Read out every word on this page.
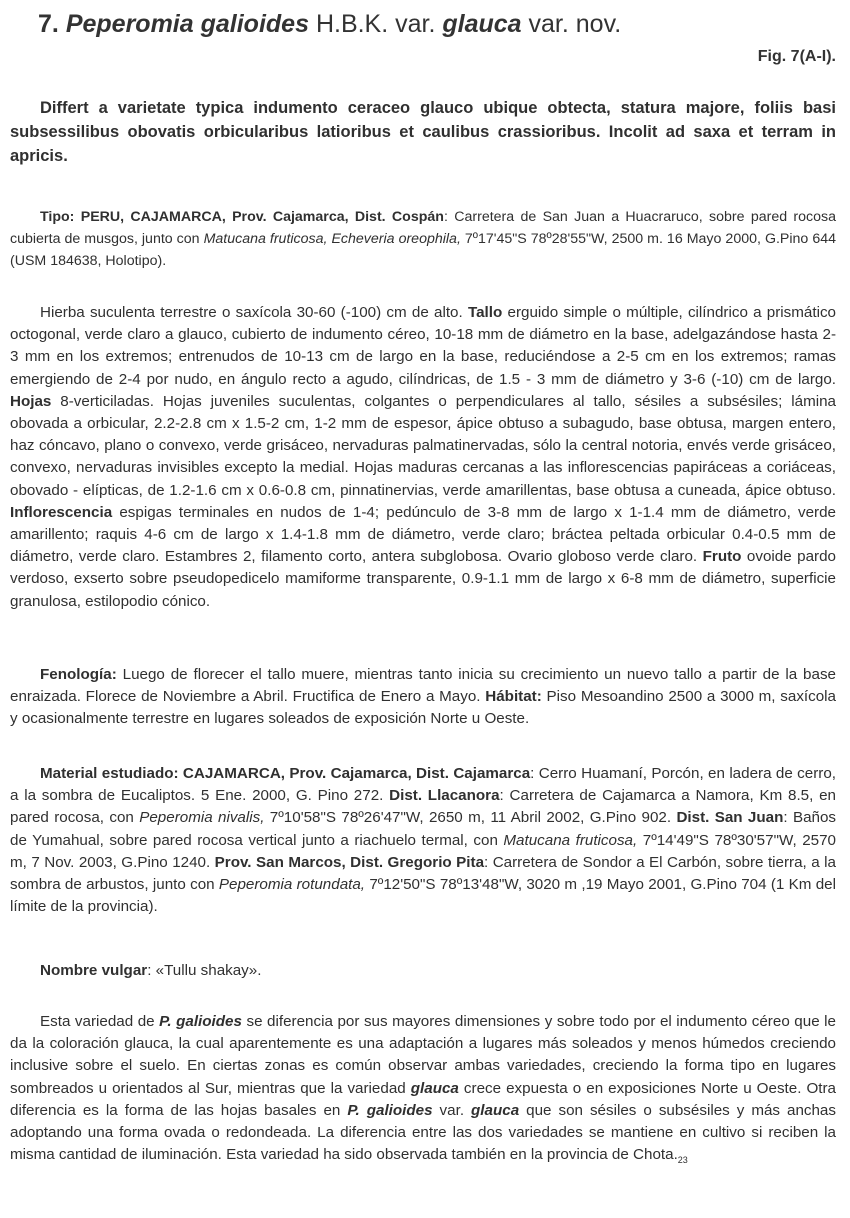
7. Peperomia galioides H.B.K. var. glauca var. nov.
Fig. 7(A-I).
Differt a varietate typica indumento ceraceo glauco ubique obtecta, statura majore, foliis basi subsessilibus obovatis orbicularibus latioribus et caulibus crassioribus. Incolit ad saxa et terram in apricis.
Tipo: PERU, CAJAMARCA, Prov. Cajamarca, Dist. Cospán: Carretera de San Juan a Huacraruco, sobre pared rocosa cubierta de musgos, junto con Matucana fruticosa, Echeveria oreophila, 7º17'45"S 78º28'55"W, 2500 m. 16 Mayo 2000, G.Pino 644 (USM 184638, Holotipo).
Hierba suculenta terrestre o saxícola 30-60 (-100) cm de alto. Tallo erguido simple o múltiple, cilíndrico a prismático octogonal, verde claro a glauco, cubierto de indumento céreo, 10-18 mm de diámetro en la base, adelgazándose hasta 2-3 mm en los extremos; entrenudos de 10-13 cm de largo en la base, reduciéndose a 2-5 cm en los extremos; ramas emergiendo de 2-4 por nudo, en ángulo recto a agudo, cilíndricas, de 1.5 - 3 mm de diámetro y 3-6 (-10) cm de largo. Hojas 8-verticiladas. Hojas juveniles suculentas, colgantes o perpendiculares al tallo, sésiles a subsésiles; lámina obovada a orbicular, 2.2-2.8 cm x 1.5-2 cm, 1-2 mm de espesor, ápice obtuso a subagudo, base obtusa, margen entero, haz cóncavo, plano o convexo, verde grisáceo, nervaduras palmatinervadas, sólo la central notoria, envés verde grisáceo, convexo, nervaduras invisibles excepto la medial. Hojas maduras cercanas a las inflorescencias papiráceas a coriáceas, obovado - elípticas, de 1.2-1.6 cm x 0.6-0.8 cm, pinnatinervias, verde amarillentas, base obtusa a cuneada, ápice obtuso. Inflorescencia espigas terminales en nudos de 1-4; pedúnculo de 3-8 mm de largo x 1-1.4 mm de diámetro, verde amarillento; raquis 4-6 cm de largo x 1.4-1.8 mm de diámetro, verde claro; bráctea peltada orbicular 0.4-0.5 mm de diámetro, verde claro. Estambres 2, filamento corto, antera subglobosa. Ovario globoso verde claro. Fruto ovoide pardo verdoso, exserto sobre pseudopedicelo mamiforme transparente, 0.9-1.1 mm de largo x 6-8 mm de diámetro, superficie granulosa, estilopodio cónico.
Fenología: Luego de florecer el tallo muere, mientras tanto inicia su crecimiento un nuevo tallo a partir de la base enraizada. Florece de Noviembre a Abril. Fructifica de Enero a Mayo. Hábitat: Piso Mesoandino 2500 a 3000 m, saxícola y ocasionalmente terrestre en lugares soleados de exposición Norte u Oeste.
Material estudiado: CAJAMARCA, Prov. Cajamarca, Dist. Cajamarca: Cerro Huamaní, Porcón, en ladera de cerro, a la sombra de Eucaliptos. 5 Ene. 2000, G. Pino 272. Dist. Llacanora: Carretera de Cajamarca a Namora, Km 8.5, en pared rocosa, con Peperomia nivalis, 7º10'58"S 78º26'47"W, 2650 m, 11 Abril 2002, G.Pino 902. Dist. San Juan: Baños de Yumahual, sobre pared rocosa vertical junto a riachuelo termal, con Matucana fruticosa, 7º14'49"S 78º30'57"W, 2570 m, 7 Nov. 2003, G.Pino 1240. Prov. San Marcos, Dist. Gregorio Pita: Carretera de Sondor a El Carbón, sobre tierra, a la sombra de arbustos, junto con Peperomia rotundata, 7º12'50"S 78º13'48"W, 3020 m ,19 Mayo 2001, G.Pino 704 (1 Km del límite de la provincia).
Nombre vulgar: «Tullu shakay».
Esta variedad de P. galioides se diferencia por sus mayores dimensiones y sobre todo por el indumento céreo que le da la coloración glauca, la cual aparentemente es una adaptación a lugares más soleados y menos húmedos creciendo inclusive sobre el suelo. En ciertas zonas es común observar ambas variedades, creciendo la forma tipo en lugares sombreados u orientados al Sur, mientras que la variedad glauca crece expuesta o en exposiciones Norte u Oeste. Otra diferencia es la forma de las hojas basales en P. galioides var. glauca que son sésiles o subsésiles y más anchas adoptando una forma ovada o redondeada. La diferencia entre las dos variedades se mantiene en cultivo si reciben la misma cantidad de iluminación. Esta variedad ha sido observada también en la provincia de $Chota._{23}$
